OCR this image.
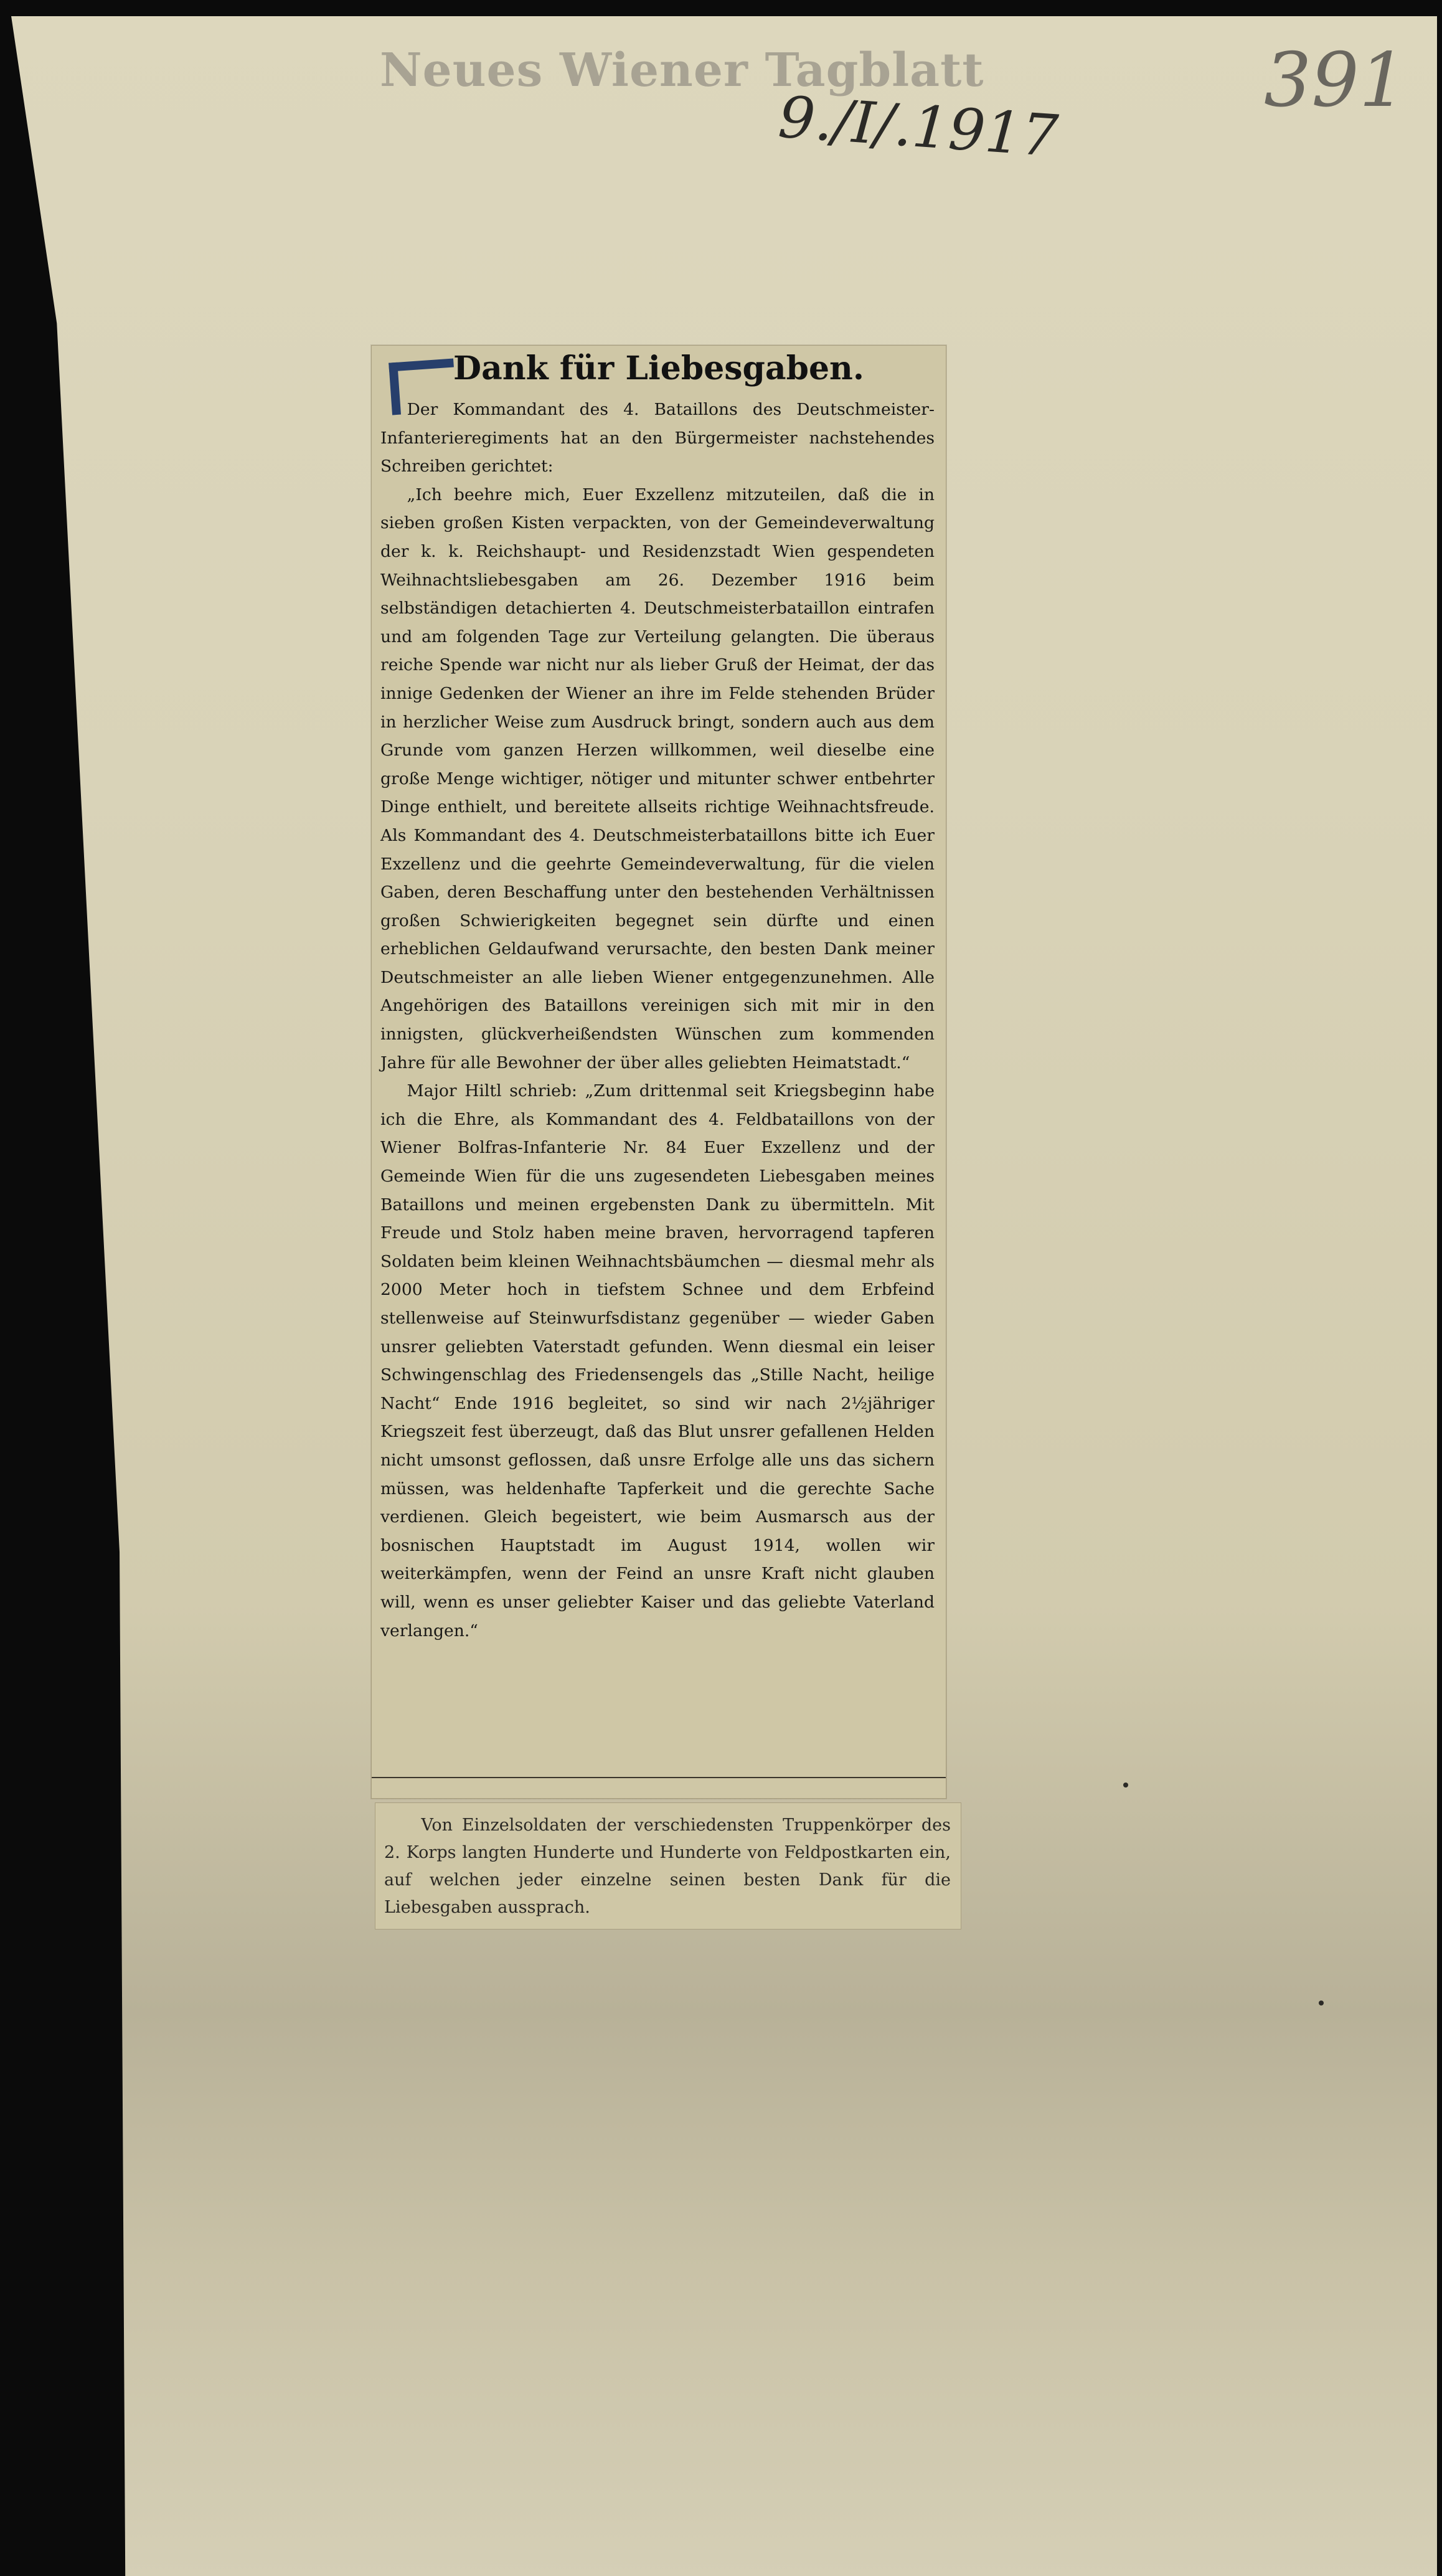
Neues Wiener Tagblatt
9./I/.1917
391
Dank für Liebesgaben.

Der Kommandant des 4. Bataillons des Deutschmeister-Infanterieregiments hat an den Bürgermeister nachstehendes Schreiben gerichtet:

„Ich beehre mich, Euer Exzellenz mitzuteilen, daß die in sieben großen Kisten verpackten, von der Gemeindeverwaltung der k. k. Reichshaupt- und Residenzstadt Wien gespendeten Weihnachtsliebesgaben am 26. Dezember 1916 beim selbständigen detachierten 4. Deutschmeisterbataillon eintrafen und am folgenden Tage zur Verteilung gelangten. Die überaus reiche Spende war nicht nur als lieber Gruß der Heimat, der das innige Gedenken der Wiener an ihre im Felde stehenden Brüder in herzlicher Weise zum Ausdruck bringt, sondern auch aus dem Grunde vom ganzen Herzen willkommen, weil dieselbe eine große Menge wichtiger, nötiger und mitunter schwer entbehrter Dinge enthielt, und bereitete allseits richtige Weihnachtsfreude. Als Kommandant des 4. Deutschmeisterbataillons bitte ich Euer Exzellenz und die geehrte Gemeindeverwaltung, für die vielen Gaben, deren Beschaffung unter den bestehenden Verhältnissen großen Schwierigkeiten begegnet sein dürfte und einen erheblichen Geldaufwand verursachte, den besten Dank meiner Deutschmeister an alle lieben Wiener entgegenzunehmen. Alle Angehörigen des Bataillons vereinigen sich mit mir in den innigsten, glückverheißendsten Wünschen zum kommenden Jahre für alle Bewohner der über alles geliebten Heimatstadt.“

Major Hiltl schrieb: „Zum drittenmal seit Kriegsbeginn habe ich die Ehre, als Kommandant des 4. Feldbataillons von der Wiener Bolfras-Infanterie Nr. 84 Euer Exzellenz und der Gemeinde Wien für die uns zugesendeten Liebesgaben meines Bataillons und meinen ergebensten Dank zu übermitteln. Mit Freude und Stolz haben meine braven, hervorragend tapferen Soldaten beim kleinen Weihnachtsbäumchen — diesmal mehr als 2000 Meter hoch in tiefstem Schnee und dem Erbfeind stellenweise auf Steinwurfsdistanz gegenüber — wieder Gaben unsrer geliebten Vaterstadt gefunden. Wenn diesmal ein leiser Schwingenschlag des Friedensengels das „Stille Nacht, heilige Nacht“ Ende 1916 begleitet, so sind wir nach 2½jähriger Kriegszeit fest überzeugt, daß das Blut unsrer gefallenen Helden nicht umsonst geflossen, daß unsre Erfolge alle uns das sichern müssen, was heldenhafte Tapferkeit und die gerechte Sache verdienen. Gleich begeistert, wie beim Ausmarsch aus der bosnischen Hauptstadt im August 1914, wollen wir weiterkämpfen, wenn der Feind an unsre Kraft nicht glauben will, wenn es unser geliebter Kaiser und das geliebte Vaterland verlangen.“

Von Einzelsoldaten der verschiedensten Truppenkörper des 2. Korps langten Hunderte und Hunderte von Feldpostkarten ein, auf welchen jeder einzelne seinen besten Dank für die Liebesgaben aussprach.
